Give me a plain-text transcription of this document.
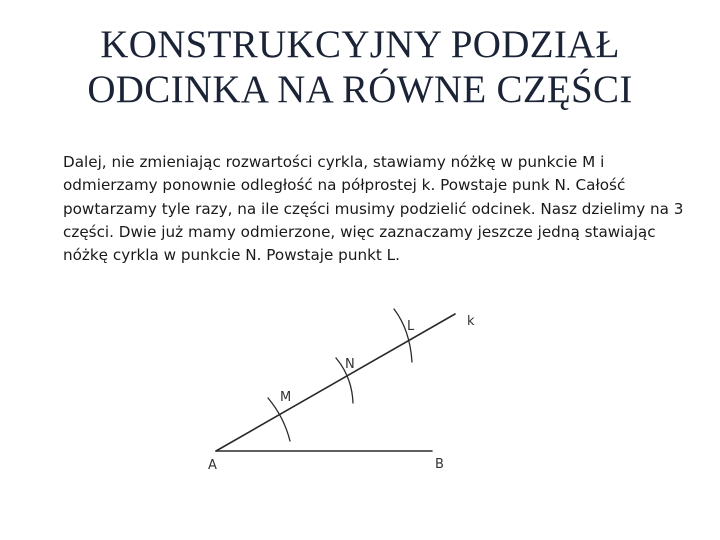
KONSTRUKCYJNY PODZIAŁ
ODCINKA NA RÓWNE CZĘŚCI

Dalej, nie zmieniając rozwartości cyrkla, stawiamy nóżkę w punkcie M i odmierzamy ponownie odległość na półprostej k. Powstaje punk N. Całość powtarzamy tyle razy, na ile części musimy podzielić odcinek. Nasz dzielimy na 3 części. Dwie już mamy odmierzone, więc zaznaczamy jeszcze jedną stawiając nóżkę cyrkla w punkcie N. Powstaje punkt L.

A	B
M
N
L	k
